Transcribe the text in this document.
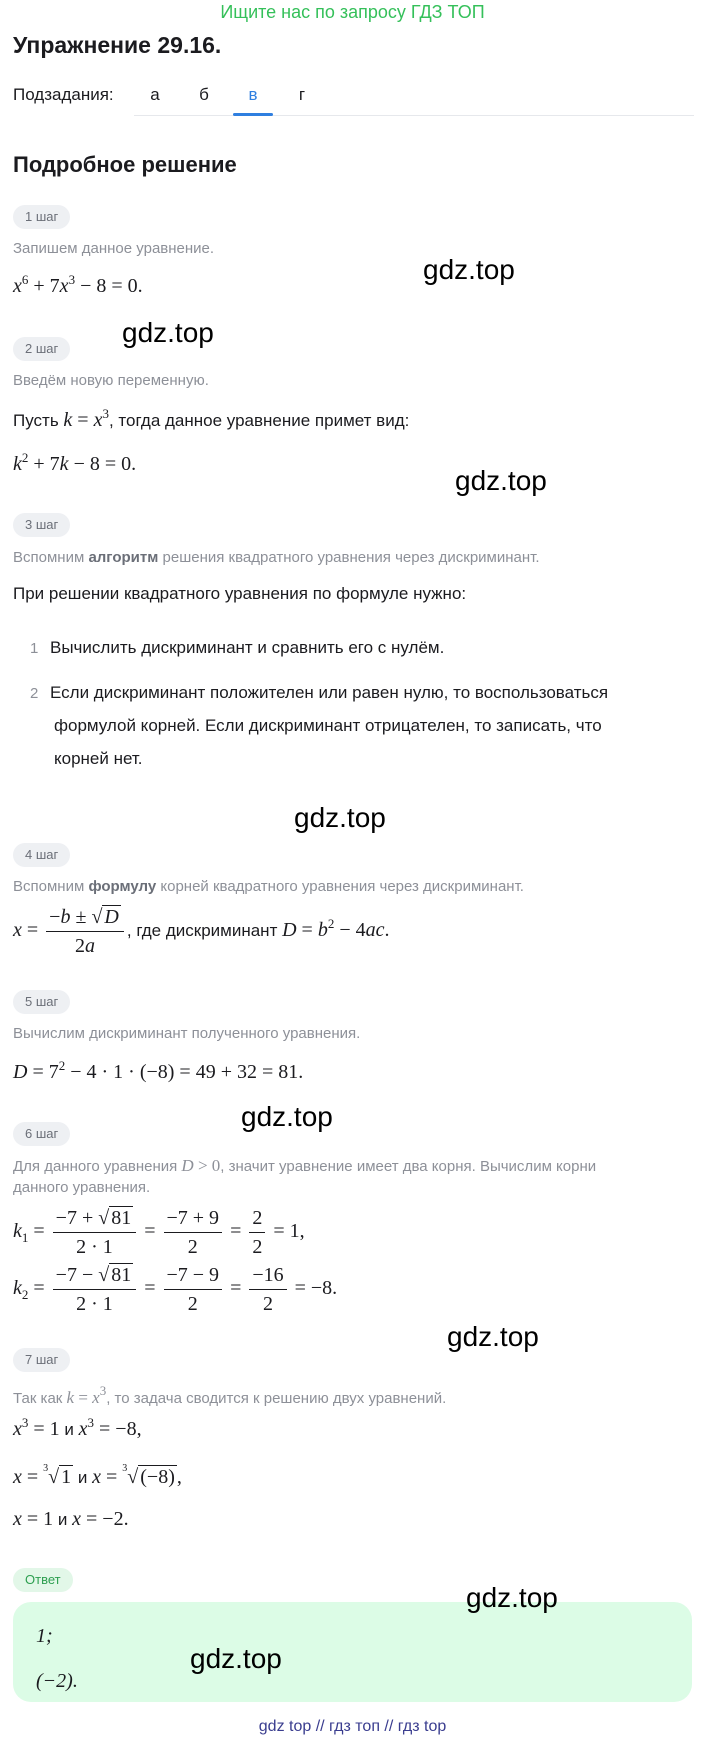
Ищите нас по запросу ГДЗ ТОП
Упражнение 29.16.
Подзадания:	а	б	в	г
Подробное решение
1 шаг
Запишем данное уравнение.
$x^6 + 7x^3 - 8 = 0$.
2 шаг
Введём новую переменную.
Пусть $k = x^3$, тогда данное уравнение примет вид:
$k^2 + 7k - 8 = 0$.
3 шаг
Вспомним алгоритм решения квадратного уравнения через дискриминант.
При решении квадратного уравнения по формуле нужно:
1 Вычислить дискриминант и сравнить его с нулём.
2 Если дискриминант положителен или равен нулю, то воспользоваться
формулой корней. Если дискриминант отрицателен, то записать, что
корней нет.
4 шаг
Вспомним формулу корней квадратного уравнения через дискриминант.
$x = \frac{-b \pm √ D}{2a}$ , где дискриминант $D = b^2 - 4ac$.
5 шаг
Вычислим дискриминант полученного уравнения.
$D = 7^2 - 4 \cdot 1 \cdot (-8) = 49 + 32 = 81$.
6 шаг
Для данного уравнения D > 0, значит уравнение имеет два корня. Вычислим корни
данного уравнения.
$k_1 = \frac{-7 + √ 81}{2 \cdot 1} = \frac{-7 + 9}{2} = \frac{2}{2} = 1$,
$k_2 = \frac{-7 - √ 81}{2 \cdot 1} = \frac{-7 - 9}{2} = \frac{-16}{2} = -8$.
7 шаг
Так как $k = x^3$, то задача сводится к решению двух уравнений.
$x^3 = 1$ и $x^3 = -8$,
x = $^3$√ 1 и x = $^3$√ (−8) ,
x = 1 и x = −2.
Ответ
1;
(−2).
gdz.top
gdz.top
gdz.top
gdz.top
gdz.top
gdz.top
gdz.top
gdz.top
gdz top // гдз топ // гдз top
